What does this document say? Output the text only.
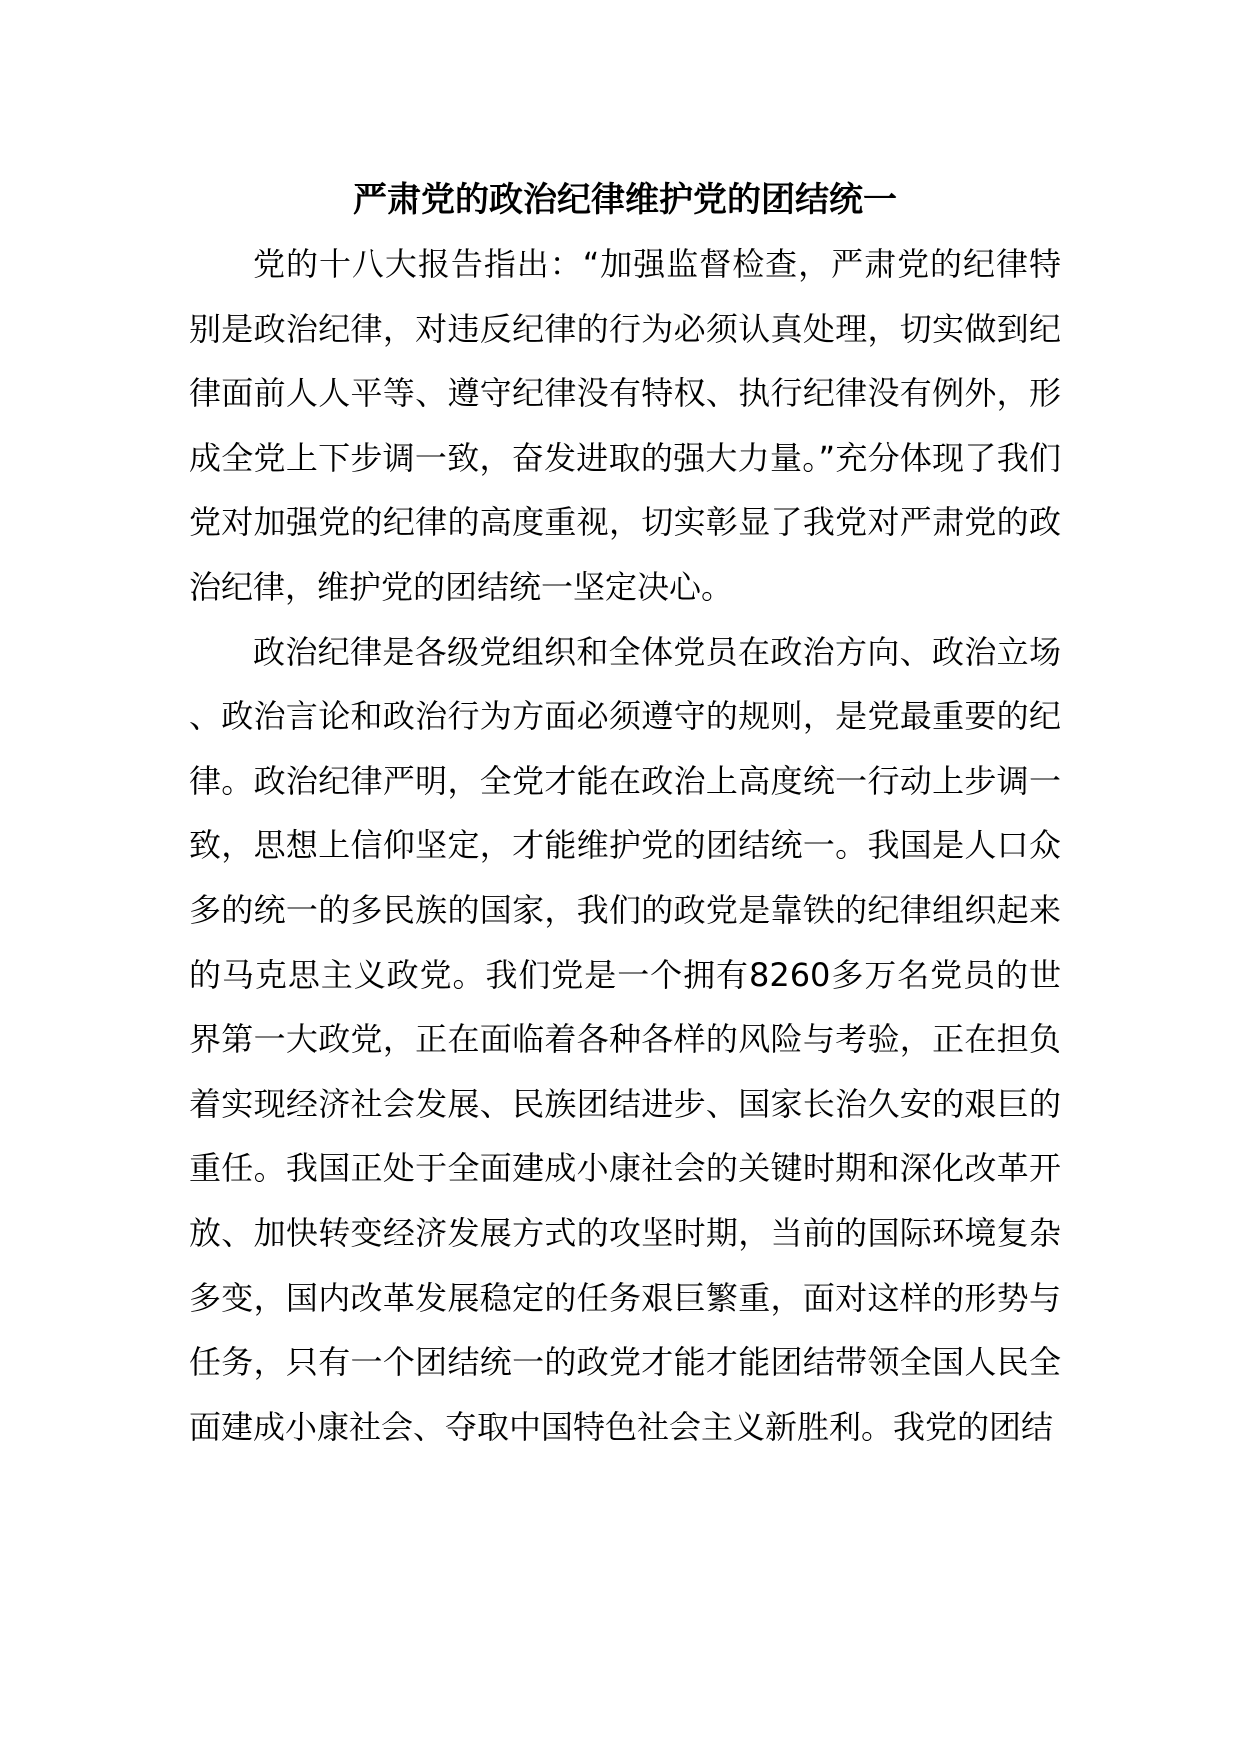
严肃党的政治纪律维护党的团结统一

党的十八大报告指出：“加强监督检查，严肃党的纪律特别是政治纪律，对违反纪律的行为必须认真处理，切实做到纪律面前人人平等、遵守纪律没有特权、执行纪律没有例外，形成全党上下步调一致，奋发进取的强大力量。”充分体现了我们党对加强党的纪律的高度重视，切实彰显了我党对严肃党的政治纪律，维护党的团结统一坚定决心。

政治纪律是各级党组织和全体党员在政治方向、政治立场、政治言论和政治行为方面必须遵守的规则，是党最重要的纪律。政治纪律严明，全党才能在政治上高度统一行动上步调一致，思想上信仰坚定，才能维护党的团结统一。我国是人口众多的统一的多民族的国家，我们的政党是靠铁的纪律组织起来的马克思主义政党。我们党是一个拥有8260多万名党员的世界第一大政党，正在面临着各种各样的风险与考验，正在担负着实现经济社会发展、民族团结进步、国家长治久安的艰巨的重任。我国正处于全面建成小康社会的关键时期和深化改革开放、加快转变经济发展方式的攻坚时期，当前的国际环境复杂多变，国内改革发展稳定的任务艰巨繁重，面对这样的形势与任务，只有一个团结统一的政党才能才能团结带领全国人民全面建成小康社会、夺取中国特色社会主义新胜利。我党的团结
